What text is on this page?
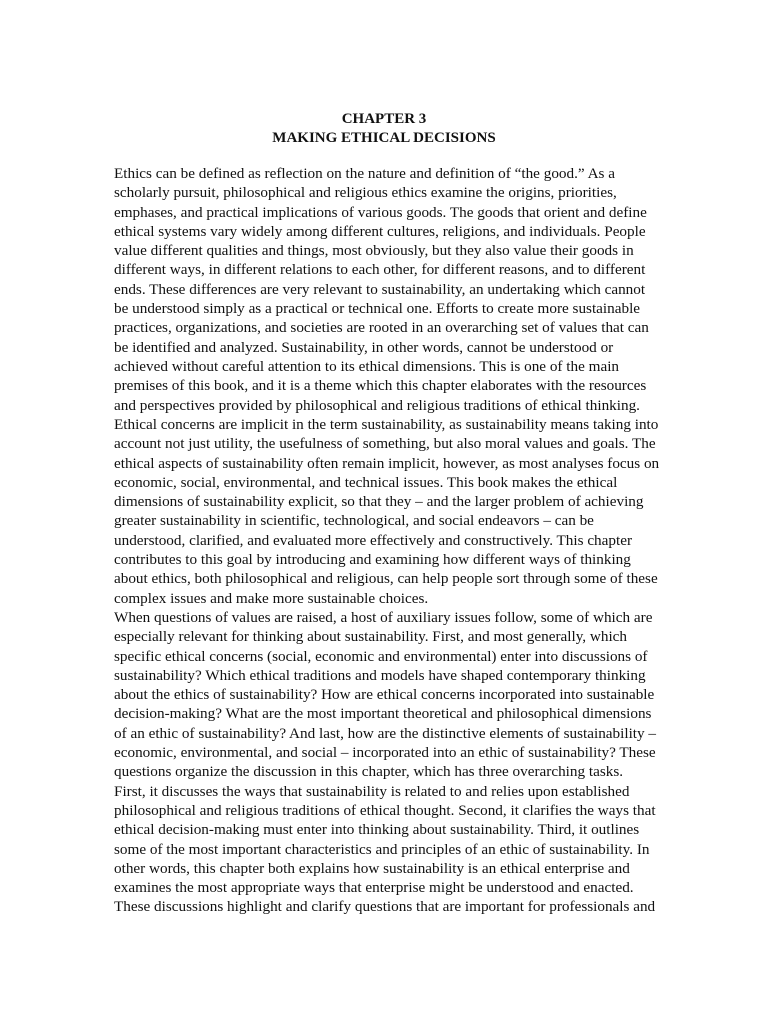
CHAPTER 3
MAKING ETHICAL DECISIONS
Ethics can be defined as reflection on the nature and definition of “the good.” As a
scholarly pursuit, philosophical and religious ethics examine the origins, priorities,
emphases, and practical implications of various goods. The goods that orient and define
ethical systems vary widely among different cultures, religions, and individuals. People
value different qualities and things, most obviously, but they also value their goods in
different ways, in different relations to each other, for different reasons, and to different
ends. These differences are very relevant to sustainability, an undertaking which cannot
be understood simply as a practical or technical one. Efforts to create more sustainable
practices, organizations, and societies are rooted in an overarching set of values that can
be identified and analyzed. Sustainability, in other words, cannot be understood or
achieved without careful attention to its ethical dimensions. This is one of the main
premises of this book, and it is a theme which this chapter elaborates with the resources
and perspectives provided by philosophical and religious traditions of ethical thinking.
Ethical concerns are implicit in the term sustainability, as sustainability means taking into
account not just utility, the usefulness of something, but also moral values and goals. The
ethical aspects of sustainability often remain implicit, however, as most analyses focus on
economic, social, environmental, and technical issues. This book makes the ethical
dimensions of sustainability explicit, so that they – and the larger problem of achieving
greater sustainability in scientific, technological, and social endeavors – can be
understood, clarified, and evaluated more effectively and constructively. This chapter
contributes to this goal by introducing and examining how different ways of thinking
about ethics, both philosophical and religious, can help people sort through some of these
complex issues and make more sustainable choices.
When questions of values are raised, a host of auxiliary issues follow, some of which are
especially relevant for thinking about sustainability. First, and most generally, which
specific ethical concerns (social, economic and environmental) enter into discussions of
sustainability? Which ethical traditions and models have shaped contemporary thinking
about the ethics of sustainability? How are ethical concerns incorporated into sustainable
decision-making? What are the most important theoretical and philosophical dimensions
of an ethic of sustainability? And last, how are the distinctive elements of sustainability –
economic, environmental, and social – incorporated into an ethic of sustainability? These
questions organize the discussion in this chapter, which has three overarching tasks.
First, it discusses the ways that sustainability is related to and relies upon established
philosophical and religious traditions of ethical thought. Second, it clarifies the ways that
ethical decision-making must enter into thinking about sustainability. Third, it outlines
some of the most important characteristics and principles of an ethic of sustainability. In
other words, this chapter both explains how sustainability is an ethical enterprise and
examines the most appropriate ways that enterprise might be understood and enacted.
These discussions highlight and clarify questions that are important for professionals and
